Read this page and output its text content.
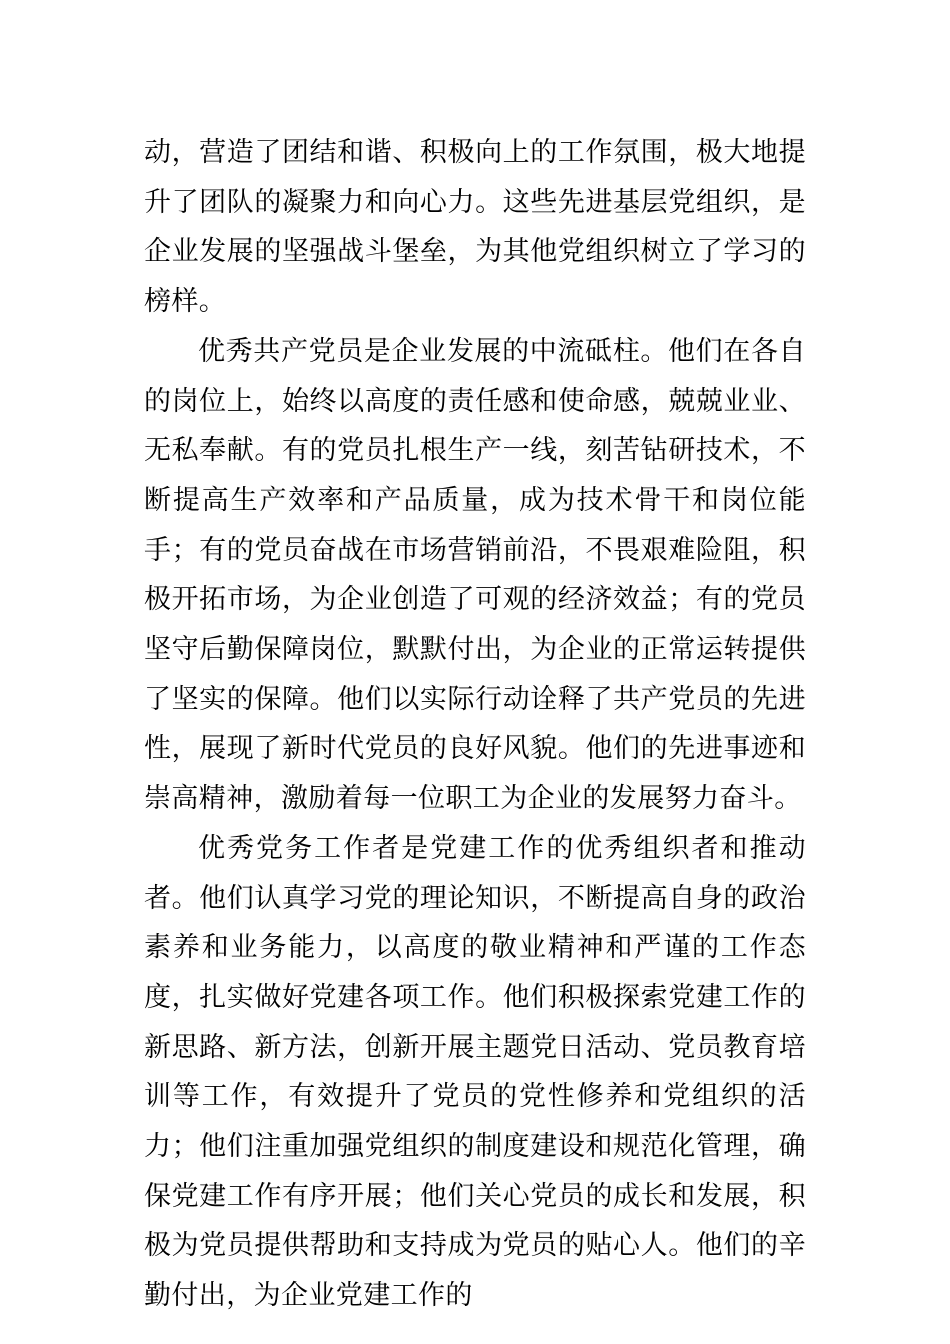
动，营造了团结和谐、积极向上的工作氛围，极大地提升了团队的凝聚力和向心力。这些先进基层党组织，是企业发展的坚强战斗堡垒，为其他党组织树立了学习的榜样。

优秀共产党员是企业发展的中流砥柱。他们在各自的岗位上，始终以高度的责任感和使命感，兢兢业业、无私奉献。有的党员扎根生产一线，刻苦钻研技术，不断提高生产效率和产品质量，成为技术骨干和岗位能手；有的党员奋战在市场营销前沿，不畏艰难险阻，积极开拓市场，为企业创造了可观的经济效益；有的党员坚守后勤保障岗位，默默付出，为企业的正常运转提供了坚实的保障。他们以实际行动诠释了共产党员的先进性，展现了新时代党员的良好风貌。他们的先进事迹和崇高精神，激励着每一位职工为企业的发展努力奋斗。

优秀党务工作者是党建工作的优秀组织者和推动者。他们认真学习党的理论知识，不断提高自身的政治素养和业务能力，以高度的敬业精神和严谨的工作态度，扎实做好党建各项工作。他们积极探索党建工作的新思路、新方法，创新开展主题党日活动、党员教育培训等工作，有效提升了党员的党性修养和党组织的活力；他们注重加强党组织的制度建设和规范化管理，确保党建工作有序开展；他们关心党员的成长和发展，积极为党员提供帮助和支持成为党员的贴心人。他们的辛勤付出，为企业党建工作的
